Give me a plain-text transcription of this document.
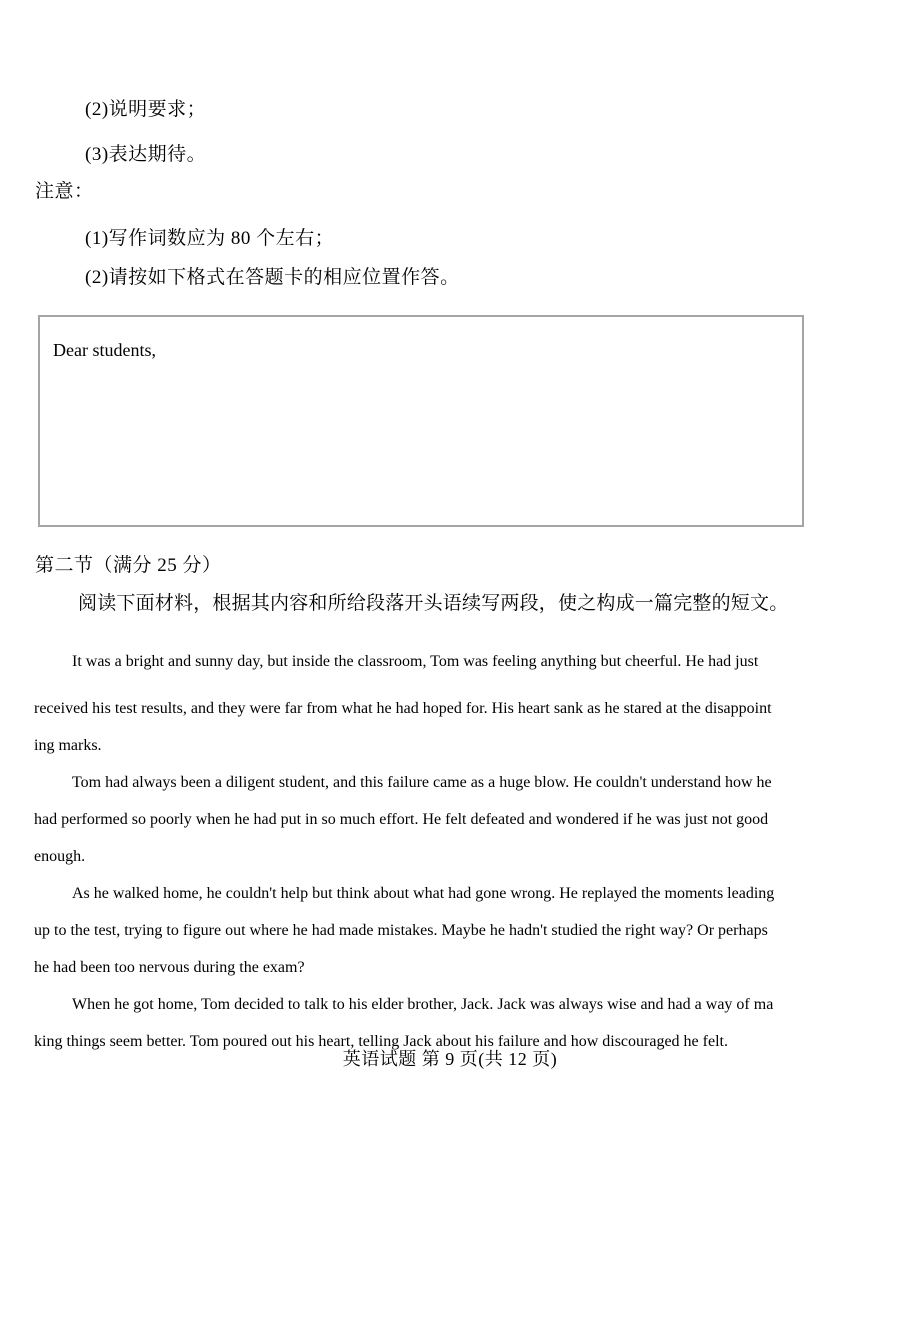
(2)说明要求；
(3)表达期待。
注意：
(1)写作词数应为 80 个左右；
(2)请按如下格式在答题卡的相应位置作答。
Dear students,
第二节（满分 25 分）
阅读下面材料，根据其内容和所给段落开头语续写两段，使之构成一篇完整的短文。
It was a bright and sunny day, but inside the classroom, Tom was feeling anything but cheerful. He had just
received his test results, and they were far from what he had hoped for. His heart sank as he stared at the disappoint
ing marks.
Tom had always been a diligent student, and this failure came as a huge blow. He couldn't understand how he
had performed so poorly when he had put in so much effort. He felt defeated and wondered if he was just not good
enough.
As he walked home, he couldn't help but think about what had gone wrong. He replayed the moments leading
up to the test, trying to figure out where he had made mistakes. Maybe he hadn't studied the right way? Or perhaps
he had been too nervous during the exam?
When he got home, Tom decided to talk to his elder brother, Jack. Jack was always wise and had a way of ma
king things seem better. Tom poured out his heart, telling Jack about his failure and how discouraged he felt.
英语试题 第 9 页(共 12 页)
